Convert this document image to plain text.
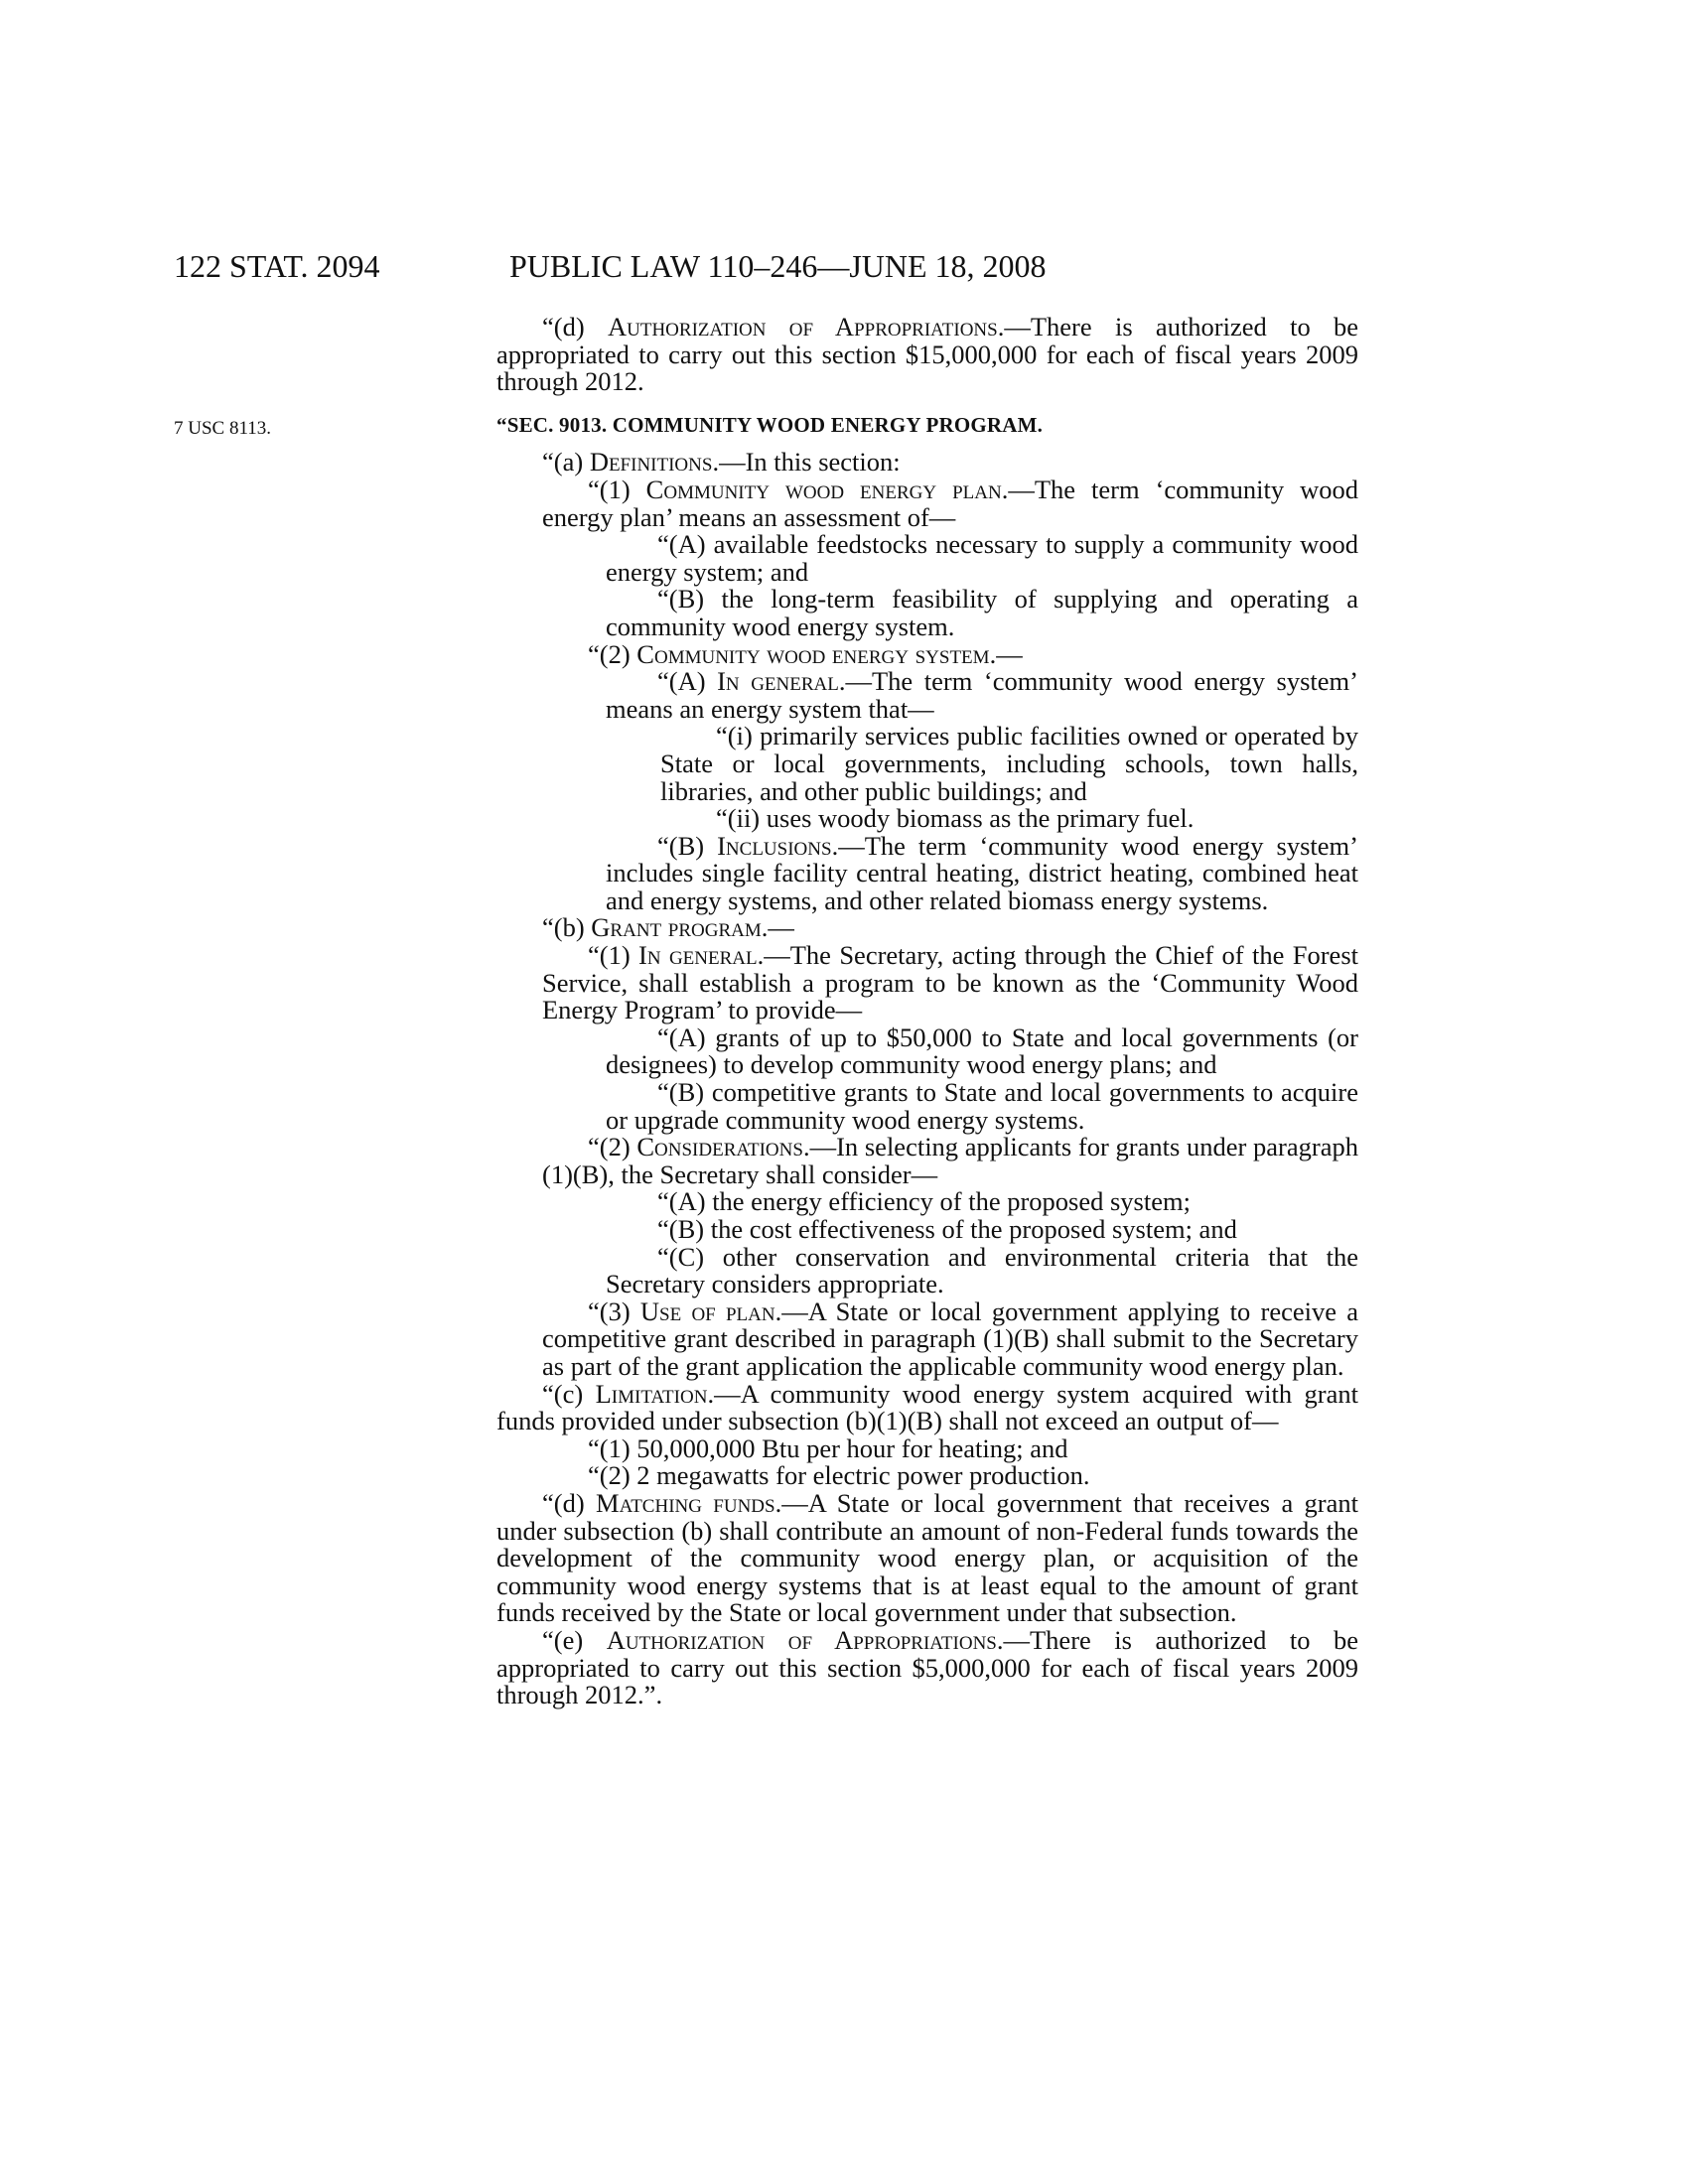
122 STAT. 2094	PUBLIC LAW 110–246—JUNE 18, 2008
7 USC 8113.

“(d) Authorization of Appropriations.—There is authorized to be appropriated to carry out this section $15,000,000 for each of fiscal years 2009 through 2012.

“SEC. 9013. COMMUNITY WOOD ENERGY PROGRAM.

“(a) Definitions.—In this section:

“(1) Community wood energy plan.—The term ‘community wood energy plan’ means an assessment of—

“(A) available feedstocks necessary to supply a community wood energy system; and

“(B) the long-term feasibility of supplying and operating a community wood energy system.

“(2) Community wood energy system.—

“(A) In general.—The term ‘community wood energy system’ means an energy system that—

“(i) primarily services public facilities owned or operated by State or local governments, including schools, town halls, libraries, and other public buildings; and

“(ii) uses woody biomass as the primary fuel.

“(B) Inclusions.—The term ‘community wood energy system’ includes single facility central heating, district heating, combined heat and energy systems, and other related biomass energy systems.

“(b) Grant program.—

“(1) In general.—The Secretary, acting through the Chief of the Forest Service, shall establish a program to be known as the ‘Community Wood Energy Program’ to provide—

“(A) grants of up to $50,000 to State and local governments (or designees) to develop community wood energy plans; and

“(B) competitive grants to State and local governments to acquire or upgrade community wood energy systems.

“(2) Considerations.—In selecting applicants for grants under paragraph (1)(B), the Secretary shall consider—

“(A) the energy efficiency of the proposed system;

“(B) the cost effectiveness of the proposed system; and

“(C) other conservation and environmental criteria that the Secretary considers appropriate.

“(3) Use of plan.—A State or local government applying to receive a competitive grant described in paragraph (1)(B) shall submit to the Secretary as part of the grant application the applicable community wood energy plan.

“(c) Limitation.—A community wood energy system acquired with grant funds provided under subsection (b)(1)(B) shall not exceed an output of—

“(1) 50,000,000 Btu per hour for heating; and

“(2) 2 megawatts for electric power production.

“(d) Matching funds.—A State or local government that receives a grant under subsection (b) shall contribute an amount of non-Federal funds towards the development of the community wood energy plan, or acquisition of the community wood energy systems that is at least equal to the amount of grant funds received by the State or local government under that subsection.

“(e) Authorization of Appropriations.—There is authorized to be appropriated to carry out this section $5,000,000 for each of fiscal years 2009 through 2012.”.
